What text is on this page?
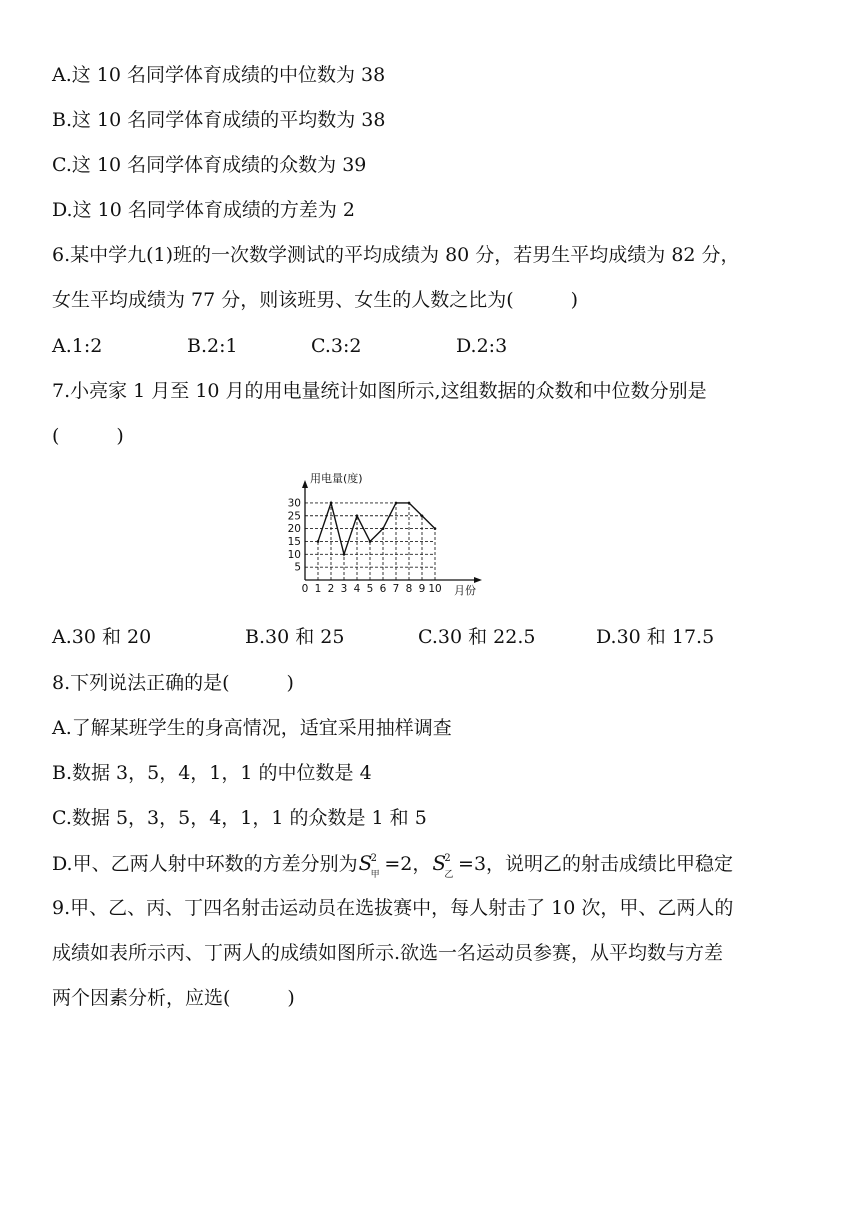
A.这 10 名同学体育成绩的中位数为 38
B.这 10 名同学体育成绩的平均数为 38
C.这 10 名同学体育成绩的众数为 39
D.这 10 名同学体育成绩的方差为 2
6.某中学九(1)班的一次数学测试的平均成绩为 80 分，若男生平均成绩为 82 分，
女生平均成绩为 77 分，则该班男、女生的人数之比为(　　　)
A.1:2	B.2:1	C.3:2	D.2:3
7.小亮家 1 月至 10 月的用电量统计如图所示,这组数据的众数和中位数分别是
(　　　)
5
10
15
20
25
30
1 2 3 4 5 6 7 8 9 10
0
用电量(度)
月份
A.30 和 20	B.30 和 25	C.30 和 22.5	D.30 和 17.5
8.下列说法正确的是(　　　)
A.了解某班学生的身高情况，适宜采用抽样调查
B.数据 3，5，4，1，1 的中位数是 4
C.数据 5，3，5，4，1，1 的众数是 1 和 5
D.甲、乙两人射中环数的方差分别为S
2
甲 =2，S
2
乙 =3，说明乙的射击成绩比甲稳定
9.甲、乙、丙、丁四名射击运动员在选拔赛中，每人射击了 10 次，甲、乙两人的
成绩如表所示丙、丁两人的成绩如图所示.欲选一名运动员参赛，从平均数与方差
两个因素分析，应选(　　　)
